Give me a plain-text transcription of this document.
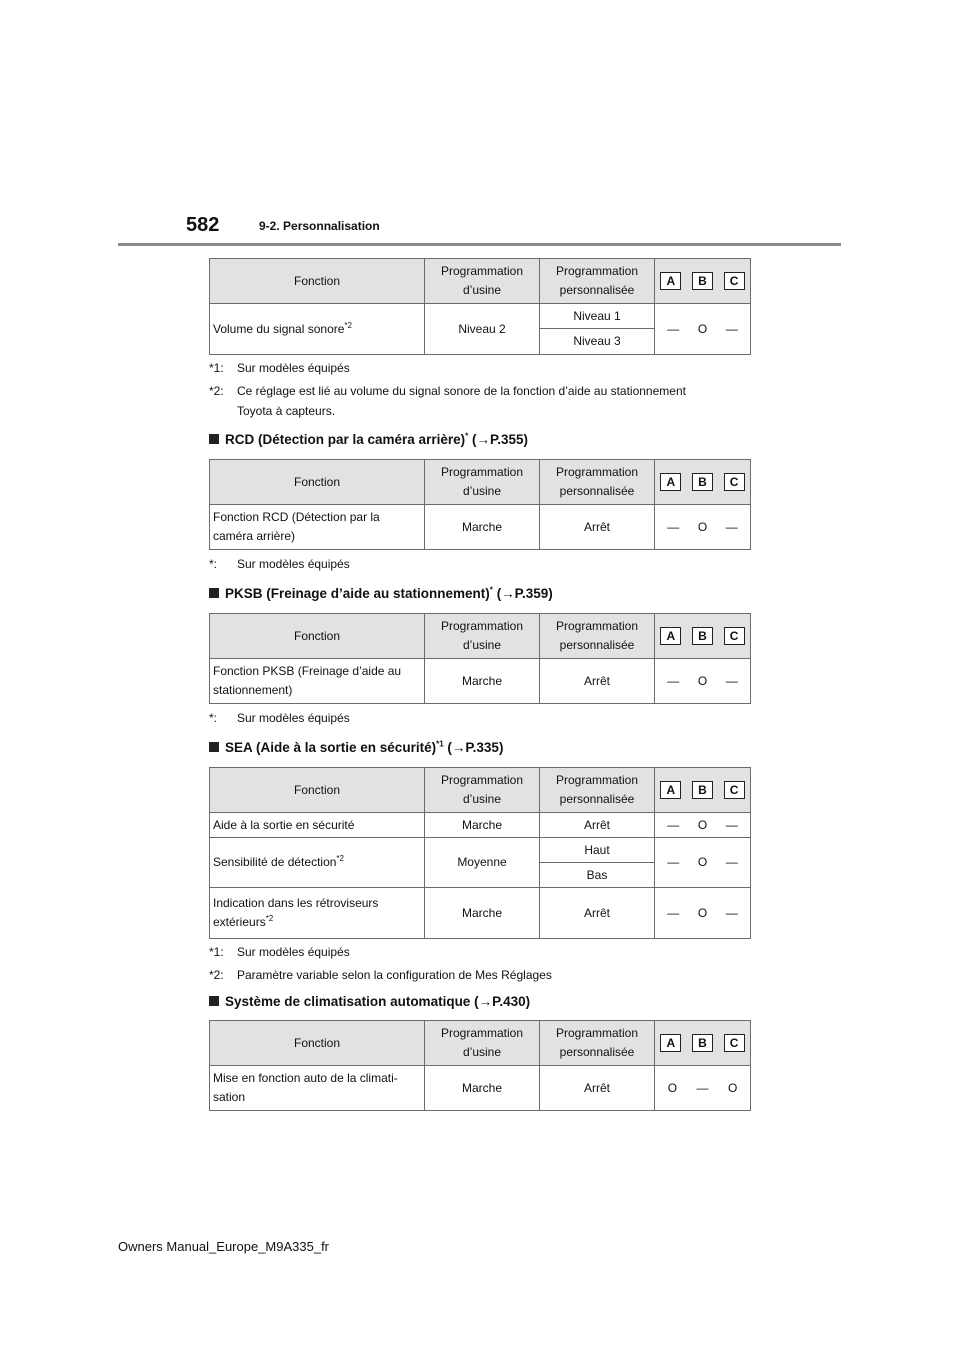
582	9-2. Personnalisation
Fonction	Programmation d’usine	Programmation personnalisée	A B C

Volume du signal sonore$^{*2}$	Niveau 2	Niveau 1	— O —

		Niveau 3	
*1: Sur modèles équipés
*2: Ce réglage est lié au volume du signal sonore de la fonction d’aide au stationnement
Toyota à capteurs.
RCD (Détection par la caméra arrière)* (→P.355)
Fonction	Programmation d’usine	Programmation personnalisée	A B C

Fonction RCD (Détection par la caméra arrière)	Marche	Arrêt	— O —
*: Sur modèles équipés
PKSB (Freinage d’aide au stationnement)* (→P.359)
Fonction	Programmation d’usine	Programmation personnalisée	A B C

Fonction PKSB (Freinage d’aide au stationnement)	Marche	Arrêt	— O —
*: Sur modèles équipés
SEA (Aide à la sortie en sécurité)$^{*1}$ (→P.335)
Fonction	Programmation d’usine	Programmation personnalisée	A B C

Aide à la sortie en sécurité	Marche	Arrêt	— O —

Sensibilité de détection$^{*2}$	Moyenne	Haut	— O —

		Bas	
Indication dans les rétroviseurs extérieurs$^{*2}$	Marche	Arrêt	— O —
*1: Sur modèles équipés
*2: Paramètre variable selon la configuration de Mes Réglages
Système de climatisation automatique (→P.430)
Fonction	Programmation d’usine	Programmation personnalisée	A B C

Mise en fonction auto de la climati-sation	Marche	Arrêt	O — O
Owners Manual_Europe_M9A335_fr
